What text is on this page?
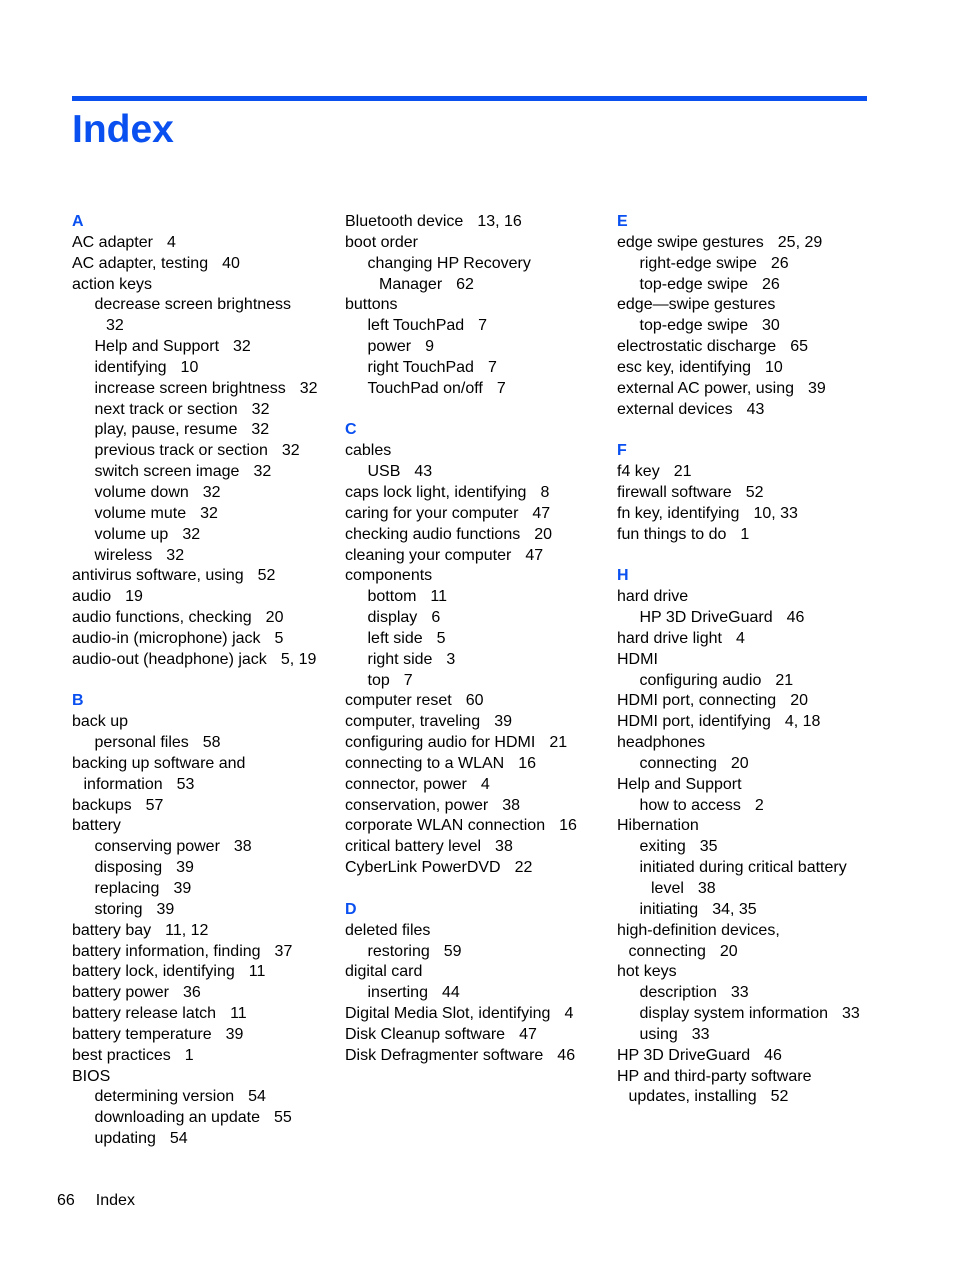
Index
A
AC adapter 4
AC adapter, testing 40
action keys
decrease screen brightness
32
Help and Support 32
identifying 10
increase screen brightness 32
next track or section 32
play, pause, resume 32
previous track or section 32
switch screen image 32
volume down 32
volume mute 32
volume up 32
wireless 32
antivirus software, using 52
audio 19
audio functions, checking 20
audio-in (microphone) jack 5
audio-out (headphone) jack 5, 19
B
back up
personal files 58
backing up software and
information 53
backups 57
battery
conserving power 38
disposing 39
replacing 39
storing 39
battery bay 11, 12
battery information, finding 37
battery lock, identifying 11
battery power 36
battery release latch 11
battery temperature 39
best practices 1
BIOS
determining version 54
downloading an update 55
updating 54
Bluetooth device 13, 16
boot order
changing HP Recovery
Manager 62
buttons
left TouchPad 7
power 9
right TouchPad 7
TouchPad on/off 7
C
cables
USB 43
caps lock light, identifying 8
caring for your computer 47
checking audio functions 20
cleaning your computer 47
components
bottom 11
display 6
left side 5
right side 3
top 7
computer reset 60
computer, traveling 39
configuring audio for HDMI 21
connecting to a WLAN 16
connector, power 4
conservation, power 38
corporate WLAN connection 16
critical battery level 38
CyberLink PowerDVD 22
D
deleted files
restoring 59
digital card
inserting 44
Digital Media Slot, identifying 4
Disk Cleanup software 47
Disk Defragmenter software 46
E
edge swipe gestures 25, 29
right-edge swipe 26
top-edge swipe 26
edge—swipe gestures
top-edge swipe 30
electrostatic discharge 65
esc key, identifying 10
external AC power, using 39
external devices 43
F
f4 key 21
firewall software 52
fn key, identifying 10, 33
fun things to do 1
H
hard drive
HP 3D DriveGuard 46
hard drive light 4
HDMI
configuring audio 21
HDMI port, connecting 20
HDMI port, identifying 4, 18
headphones
connecting 20
Help and Support
how to access 2
Hibernation
exiting 35
initiated during critical battery
level 38
initiating 34, 35
high-definition devices,
connecting 20
hot keys
description 33
display system information 33
using 33
HP 3D DriveGuard 46
HP and third-party software
updates, installing 52
66 Index
